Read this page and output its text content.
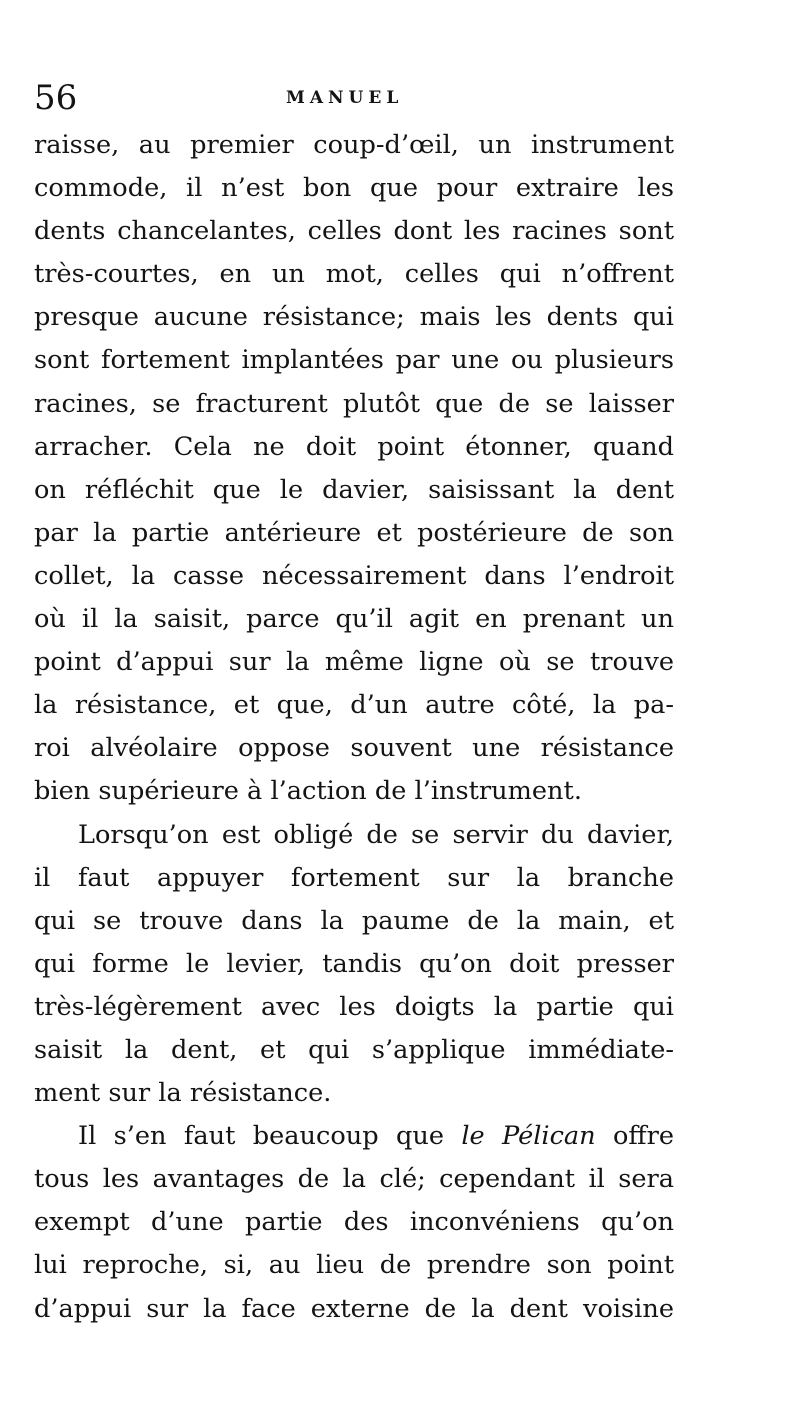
56	MANUEL

raisse, au premier coup-d’œil, un instrument
commode, il n’est bon que pour extraire les
dents chancelantes, celles dont les racines sont
très-courtes, en un mot, celles qui n’offrent
presque aucune résistance; mais les dents qui
sont fortement implantées par une ou plusieurs
racines, se fracturent plutôt que de se laisser
arracher. Cela ne doit point étonner, quand
on réfléchit que le davier, saisissant la dent
par la partie antérieure et postérieure de son
collet, la casse nécessairement dans l’endroit
où il la saisit, parce qu’il agit en prenant un
point d’appui sur la même ligne où se trouve
la résistance, et que, d’un autre côté, la pa-
roi alvéolaire oppose souvent une résistance
bien supérieure à l’action de l’instrument.

Lorsqu’on est obligé de se servir du davier,
il faut appuyer fortement sur la branche
qui se trouve dans la paume de la main, et
qui forme le levier, tandis qu’on doit presser
très-légèrement avec les doigts la partie qui
saisit la dent, et qui s’applique immédiate-
ment sur la résistance.

Il s’en faut beaucoup que le Pélican offre
tous les avantages de la clé; cependant il sera
exempt d’une partie des inconvéniens qu’on
lui reproche, si, au lieu de prendre son point
d’appui sur la face externe de la dent voisine
